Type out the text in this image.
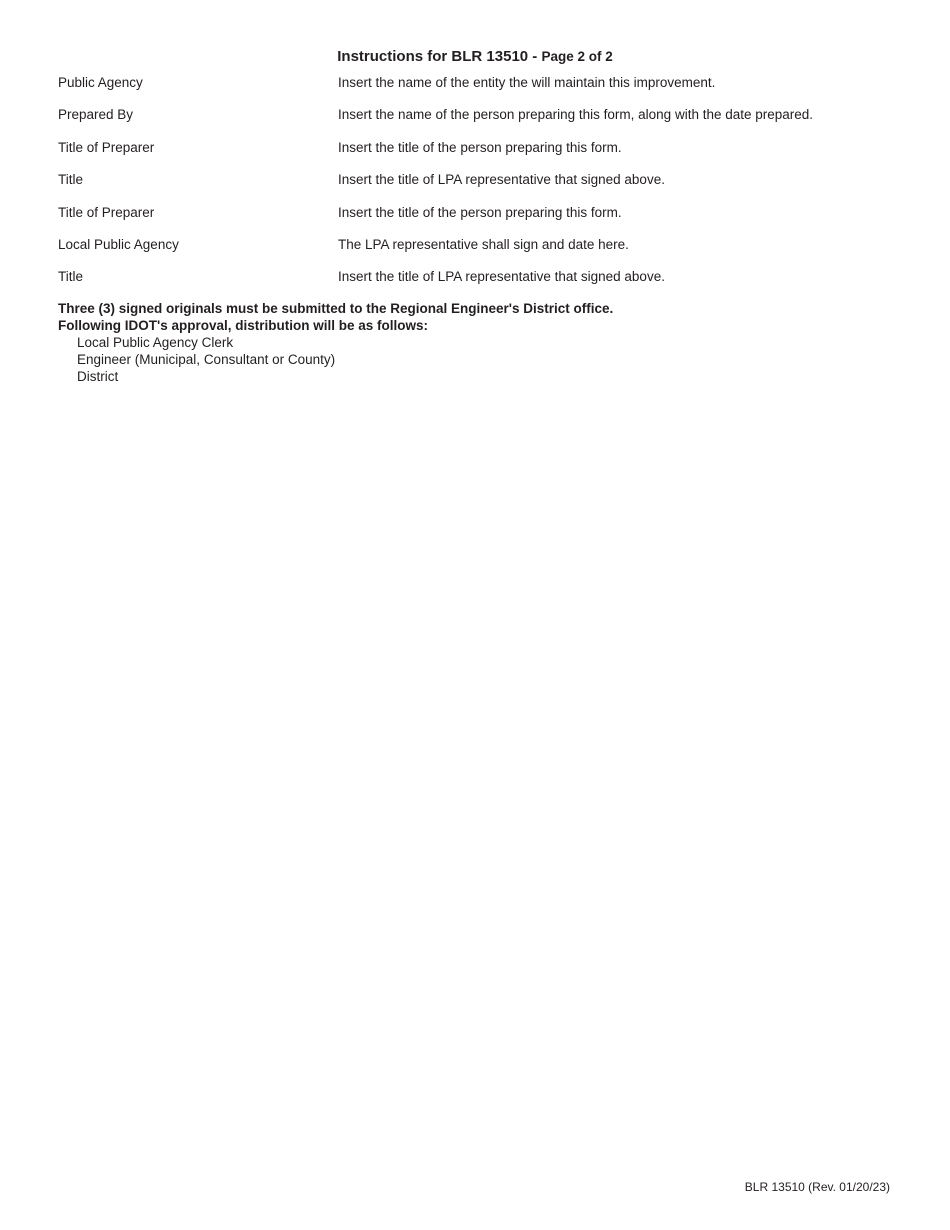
Instructions for BLR 13510 - Page 2 of 2
Public Agency	Insert the name of the entity the will maintain this improvement.
Prepared By	Insert the name of the person preparing this form, along with the date prepared.
Title of Preparer	Insert the title of the person preparing this form.
Title	Insert the title of LPA representative that signed above.
Title of Preparer	Insert the title of the person preparing this form.
Local Public Agency	The LPA representative shall sign and date here.
Title	Insert the title of LPA representative that signed above.
Three (3) signed originals must be submitted to the Regional Engineer's District office.
Following IDOT's approval, distribution will be as follows:
Local Public Agency Clerk
Engineer (Municipal, Consultant or County)
District
BLR 13510 (Rev. 01/20/23)
